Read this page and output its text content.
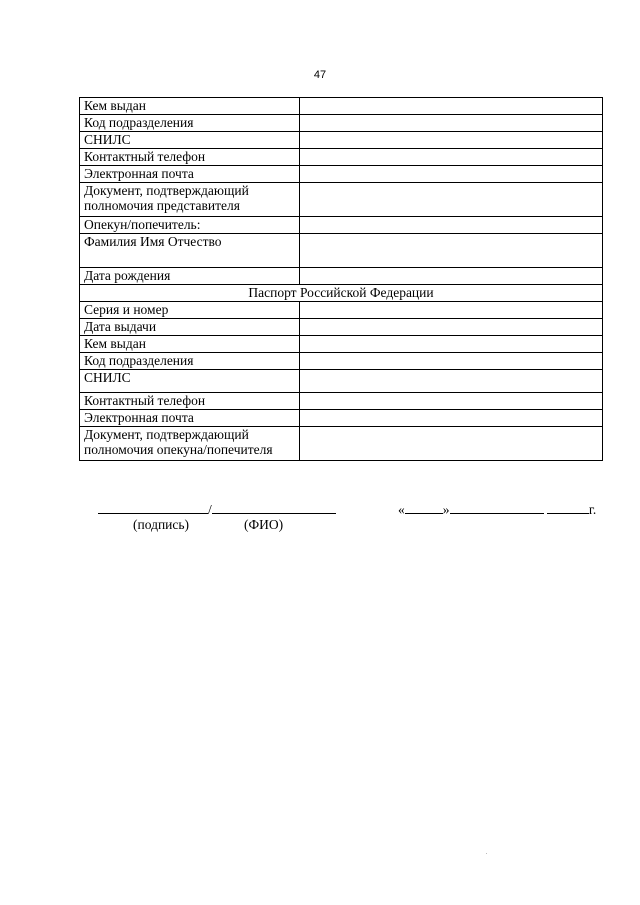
47
Кем выдан	
Код подразделения	
СНИЛС	
Контактный телефон	
Электронная почта	

Документ, подтверждающий
полномочия представителя	

Опекун/попечитель:	
Фамилия Имя Отчество	
Дата рождения	
Паспорт Российской Федерации	
Серия и номер	
Дата выдачи	
Кем выдан	
Код подразделения	
СНИЛС	
Контактный телефон	
Электронная почта	

Документ, подтверждающий
полномочия опекуна/попечителя	

/
(подпись)	(ФИО)
«	»	г.
